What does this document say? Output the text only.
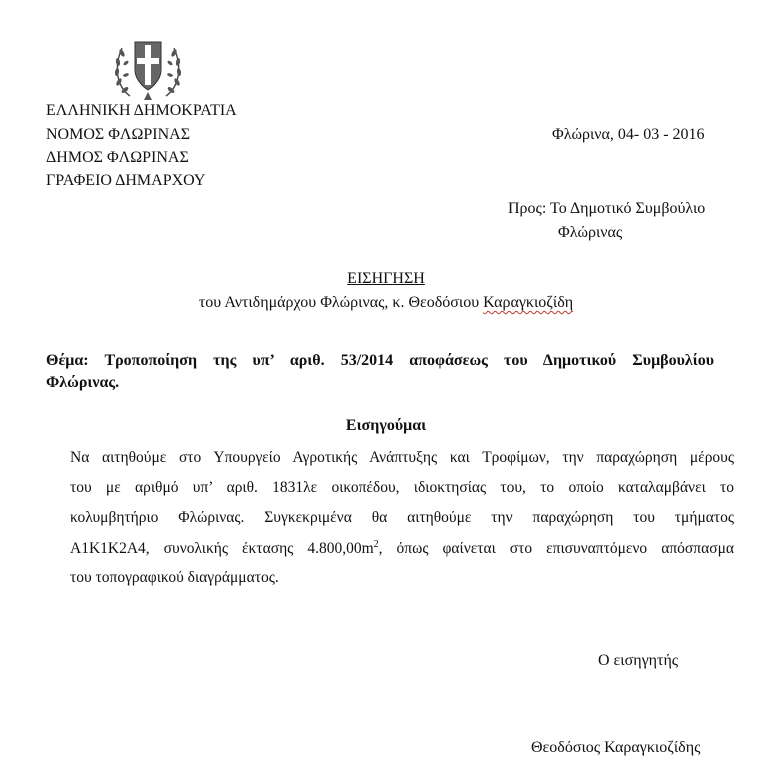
ΕΛΛΗΝΙΚΗ ΔΗΜΟΚΡΑΤΙΑ
ΝΟΜΟΣ ΦΛΩΡΙΝΑΣ
ΔΗΜΟΣ ΦΛΩΡΙΝΑΣ
ΓΡΑΦΕΙΟ ΔΗΜΑΡΧΟΥ
Φλώρινα, 04- 03 - 2016
Προς: Το Δημοτικό Συμβούλιο
Φλώρινας
ΕΙΣΗΓΗΣΗ
του Αντιδημάρχου Φλώρινας, κ. Θεοδόσιου Καραγκιοζίδη
Θέμα: Τροποποίηση της υπ’ αριθ. 53/2014 αποφάσεως του Δημοτικού Συμβουλίου
Φλώρινας.
Εισηγούμαι
Να αιτηθούμε στο Υπουργείο Αγροτικής Ανάπτυξης και Τροφίμων, την παραχώρηση μέρους
του με αριθμό υπ’ αριθ. 1831λε οικοπέδου, ιδιοκτησίας του, το οποίο καταλαμβάνει το
κολυμβητήριο Φλώρινας. Συγκεκριμένα θα αιτηθούμε την παραχώρηση του τμήματος
Α1Κ1Κ2Α4, συνολικής έκτασης $4.800,00m^2$, όπως φαίνεται στο επισυναπτόμενο απόσπασμα
του τοπογραφικού διαγράμματος.
Ο εισηγητής
Θεοδόσιος Καραγκιοζίδης
